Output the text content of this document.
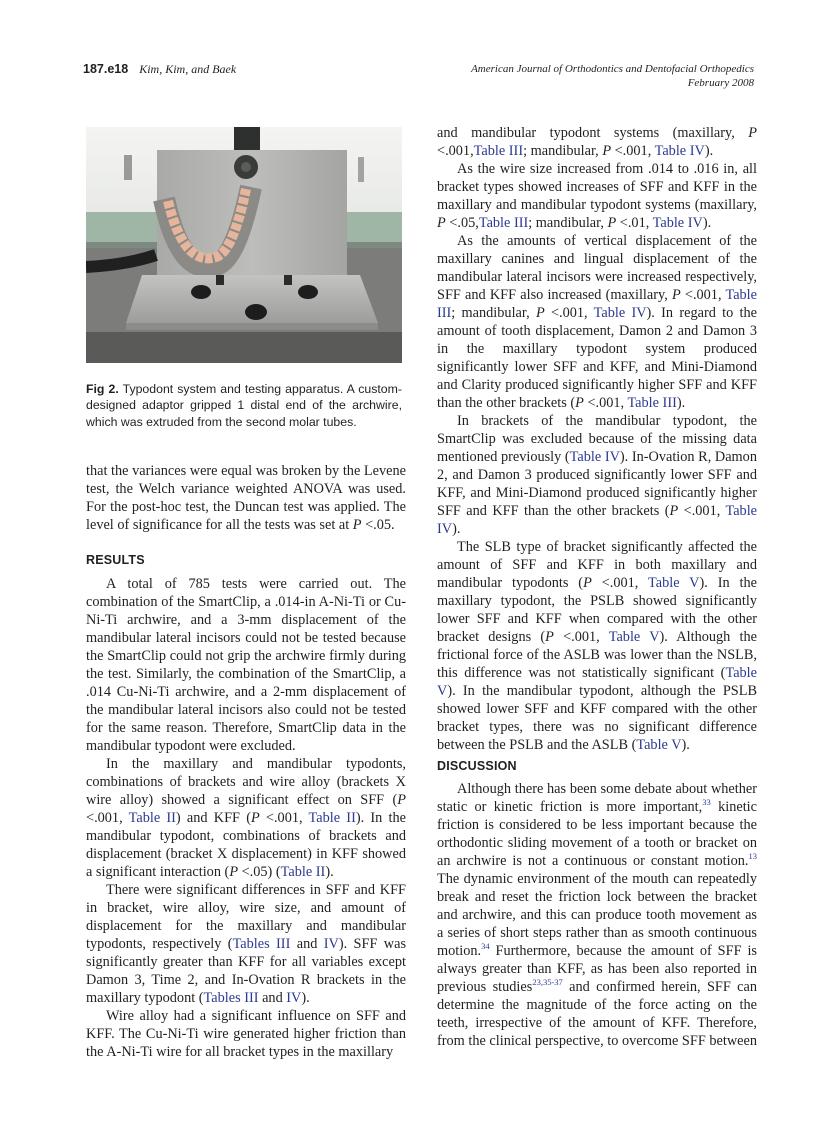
187.e18 Kim, Kim, and Baek	American Journal of Orthodontics and Dentofacial Orthopedics
February 2008
Fig 2. Typodont system and testing apparatus. A custom-designed adaptor gripped 1 distal end of the archwire, which was extruded from the second molar tubes.

that the variances were equal was broken by the Levene test, the Welch variance weighted ANOVA was used. For the post-hoc test, the Duncan test was applied. The level of significance for all the tests was set at P <.05.

RESULTS

A total of 785 tests were carried out. The combination of the SmartClip, a .014-in A-Ni-Ti or Cu-Ni-Ti archwire, and a 3-mm displacement of the mandibular lateral incisors could not be tested because the SmartClip could not grip the archwire firmly during the test. Similarly, the combination of the SmartClip, a .014 Cu-Ni-Ti archwire, and a 2-mm displacement of the mandibular lateral incisors also could not be tested for the same reason. Therefore, SmartClip data in the mandibular typodont were excluded.

In the maxillary and mandibular typodonts, combinations of brackets and wire alloy (brackets X wire alloy) showed a significant effect on SFF (P <.001, Table II) and KFF (P <.001, Table II). In the mandibular typodont, combinations of brackets and displacement (bracket X displacement) in KFF showed a significant interaction (P <.05) (Table II).

There were significant differences in SFF and KFF in bracket, wire alloy, wire size, and amount of displacement for the maxillary and mandibular typodonts, respectively (Tables III and IV). SFF was significantly greater than KFF for all variables except Damon 3, Time 2, and In-Ovation R brackets in the maxillary typodont (Tables III and IV).

Wire alloy had a significant influence on SFF and KFF. The Cu-Ni-Ti wire generated higher friction than the A-Ni-Ti wire for all bracket types in the maxillary

and mandibular typodont systems (maxillary, P <.001,Table III; mandibular, P <.001, Table IV).

As the wire size increased from .014 to .016 in, all bracket types showed increases of SFF and KFF in the maxillary and mandibular typodont systems (maxillary, P <.05,Table III; mandibular, P <.01, Table IV).

As the amounts of vertical displacement of the maxillary canines and lingual displacement of the mandibular lateral incisors were increased respectively, SFF and KFF also increased (maxillary, P <.001, Table III; mandibular, P <.001, Table IV). In regard to the amount of tooth displacement, Damon 2 and Damon 3 in the maxillary typodont system produced significantly lower SFF and KFF, and Mini-Diamond and Clarity produced significantly higher SFF and KFF than the other brackets (P <.001, Table III).

In brackets of the mandibular typodont, the SmartClip was excluded because of the missing data mentioned previously (Table IV). In-Ovation R, Damon 2, and Damon 3 produced significantly lower SFF and KFF, and Mini-Diamond produced significantly higher SFF and KFF than the other brackets (P <.001, Table IV).

The SLB type of bracket significantly affected the amount of SFF and KFF in both maxillary and mandibular typodonts (P <.001, Table V). In the maxillary typodont, the PSLB showed significantly lower SFF and KFF when compared with the other bracket designs (P <.001, Table V). Although the frictional force of the ASLB was lower than the NSLB, this difference was not statistically significant (Table V). In the mandibular typodont, although the PSLB showed lower SFF and KFF compared with the other bracket types, there was no significant difference between the PSLB and the ASLB (Table V).

DISCUSSION

Although there has been some debate about whether static or kinetic friction is more important,$^{33}$ kinetic friction is considered to be less important because the orthodontic sliding movement of a tooth or bracket on an archwire is not a continuous or constant motion.$^{13}$ The dynamic environment of the mouth can repeatedly break and reset the friction lock between the bracket and archwire, and this can produce tooth movement as a series of short steps rather than as smooth continuous motion.$^{34}$ Furthermore, because the amount of SFF is always greater than KFF, as has been also reported in previous studies$^{23,35-37}$ and confirmed herein, SFF can determine the magnitude of the force acting on the teeth, irrespective of the amount of KFF. Therefore, from the clinical perspective, to overcome SFF between
